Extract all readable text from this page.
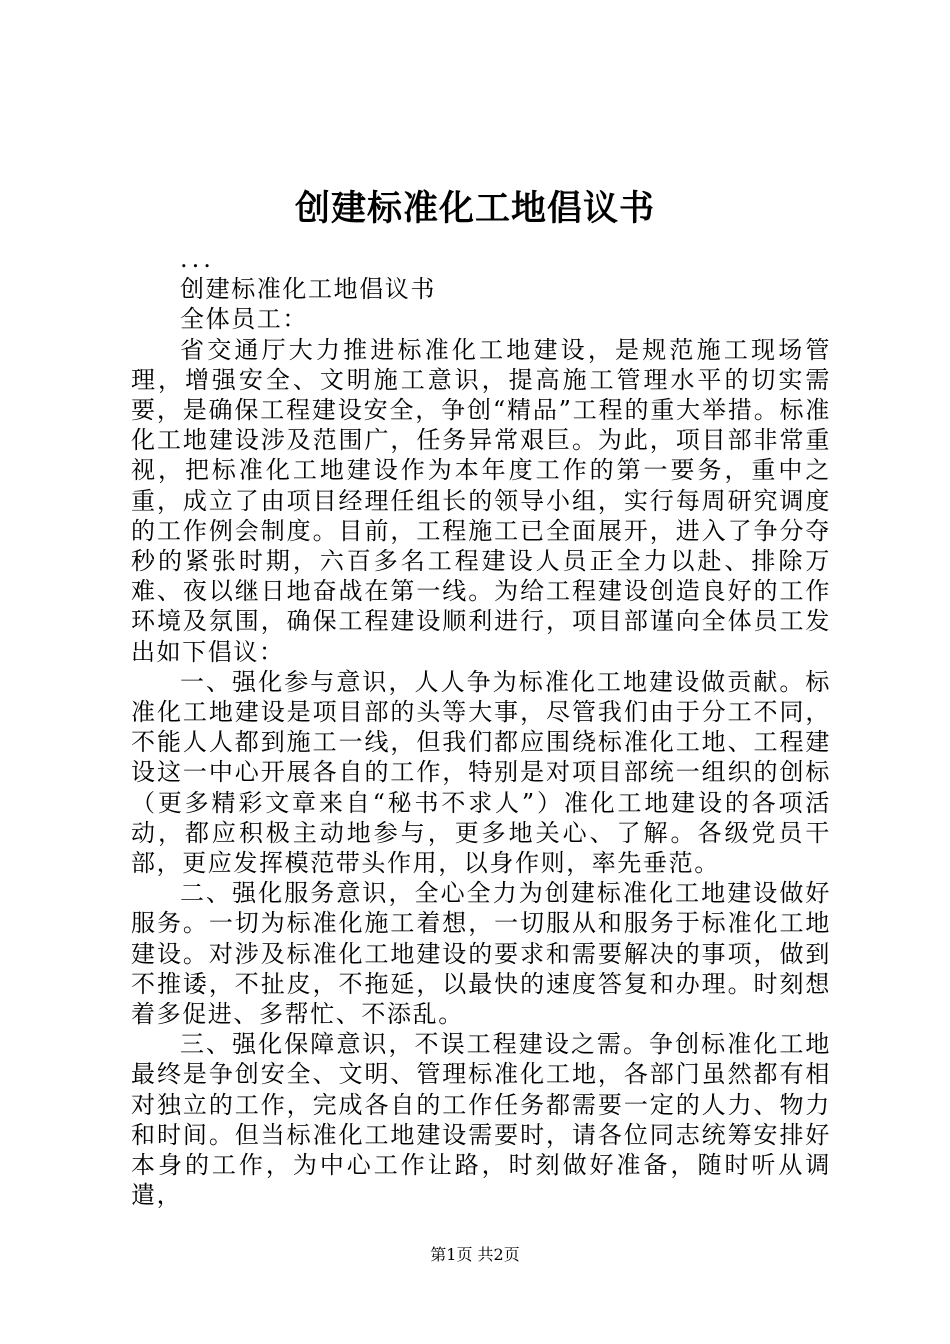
创建标准化工地倡议书

...

创建标准化工地倡议书

全体员工：

省交通厅大力推进标准化工地建设，是规范施工现场管理，增强安全、文明施工意识，提高施工管理水平的切实需要，是确保工程建设安全，争创“精品”工程的重大举措。标准化工地建设涉及范围广，任务异常艰巨。为此，项目部非常重视，把标准化工地建设作为本年度工作的第一要务，重中之重，成立了由项目经理任组长的领导小组，实行每周研究调度的工作例会制度。目前，工程施工已全面展开，进入了争分夺秒的紧张时期，六百多名工程建设人员正全力以赴、排除万难、夜以继日地奋战在第一线。为给工程建设创造良好的工作环境及氛围，确保工程建设顺利进行，项目部谨向全体员工发出如下倡议：

一、强化参与意识，人人争为标准化工地建设做贡献。标准化工地建设是项目部的头等大事，尽管我们由于分工不同，不能人人都到施工一线，但我们都应围绕标准化工地、工程建设这一中心开展各自的工作，特别是对项目部统一组织的创标（更多精彩文章来自“秘书不求人”）准化工地建设的各项活动，都应积极主动地参与，更多地关心、了解。各级党员干部，更应发挥模范带头作用，以身作则，率先垂范。

二、强化服务意识，全心全力为创建标准化工地建设做好服务。一切为标准化施工着想，一切服从和服务于标准化工地建设。对涉及标准化工地建设的要求和需要解决的事项，做到不推诿，不扯皮，不拖延，以最快的速度答复和办理。时刻想着多促进、多帮忙、不添乱。

三、强化保障意识，不误工程建设之需。争创标准化工地最终是争创安全、文明、管理标准化工地，各部门虽然都有相对独立的工作，完成各自的工作任务都需要一定的人力、物力和时间。但当标准化工地建设需要时，请各位同志统筹安排好本身的工作，为中心工作让路，时刻做好准备，随时听从调遣，

第1页 共2页
